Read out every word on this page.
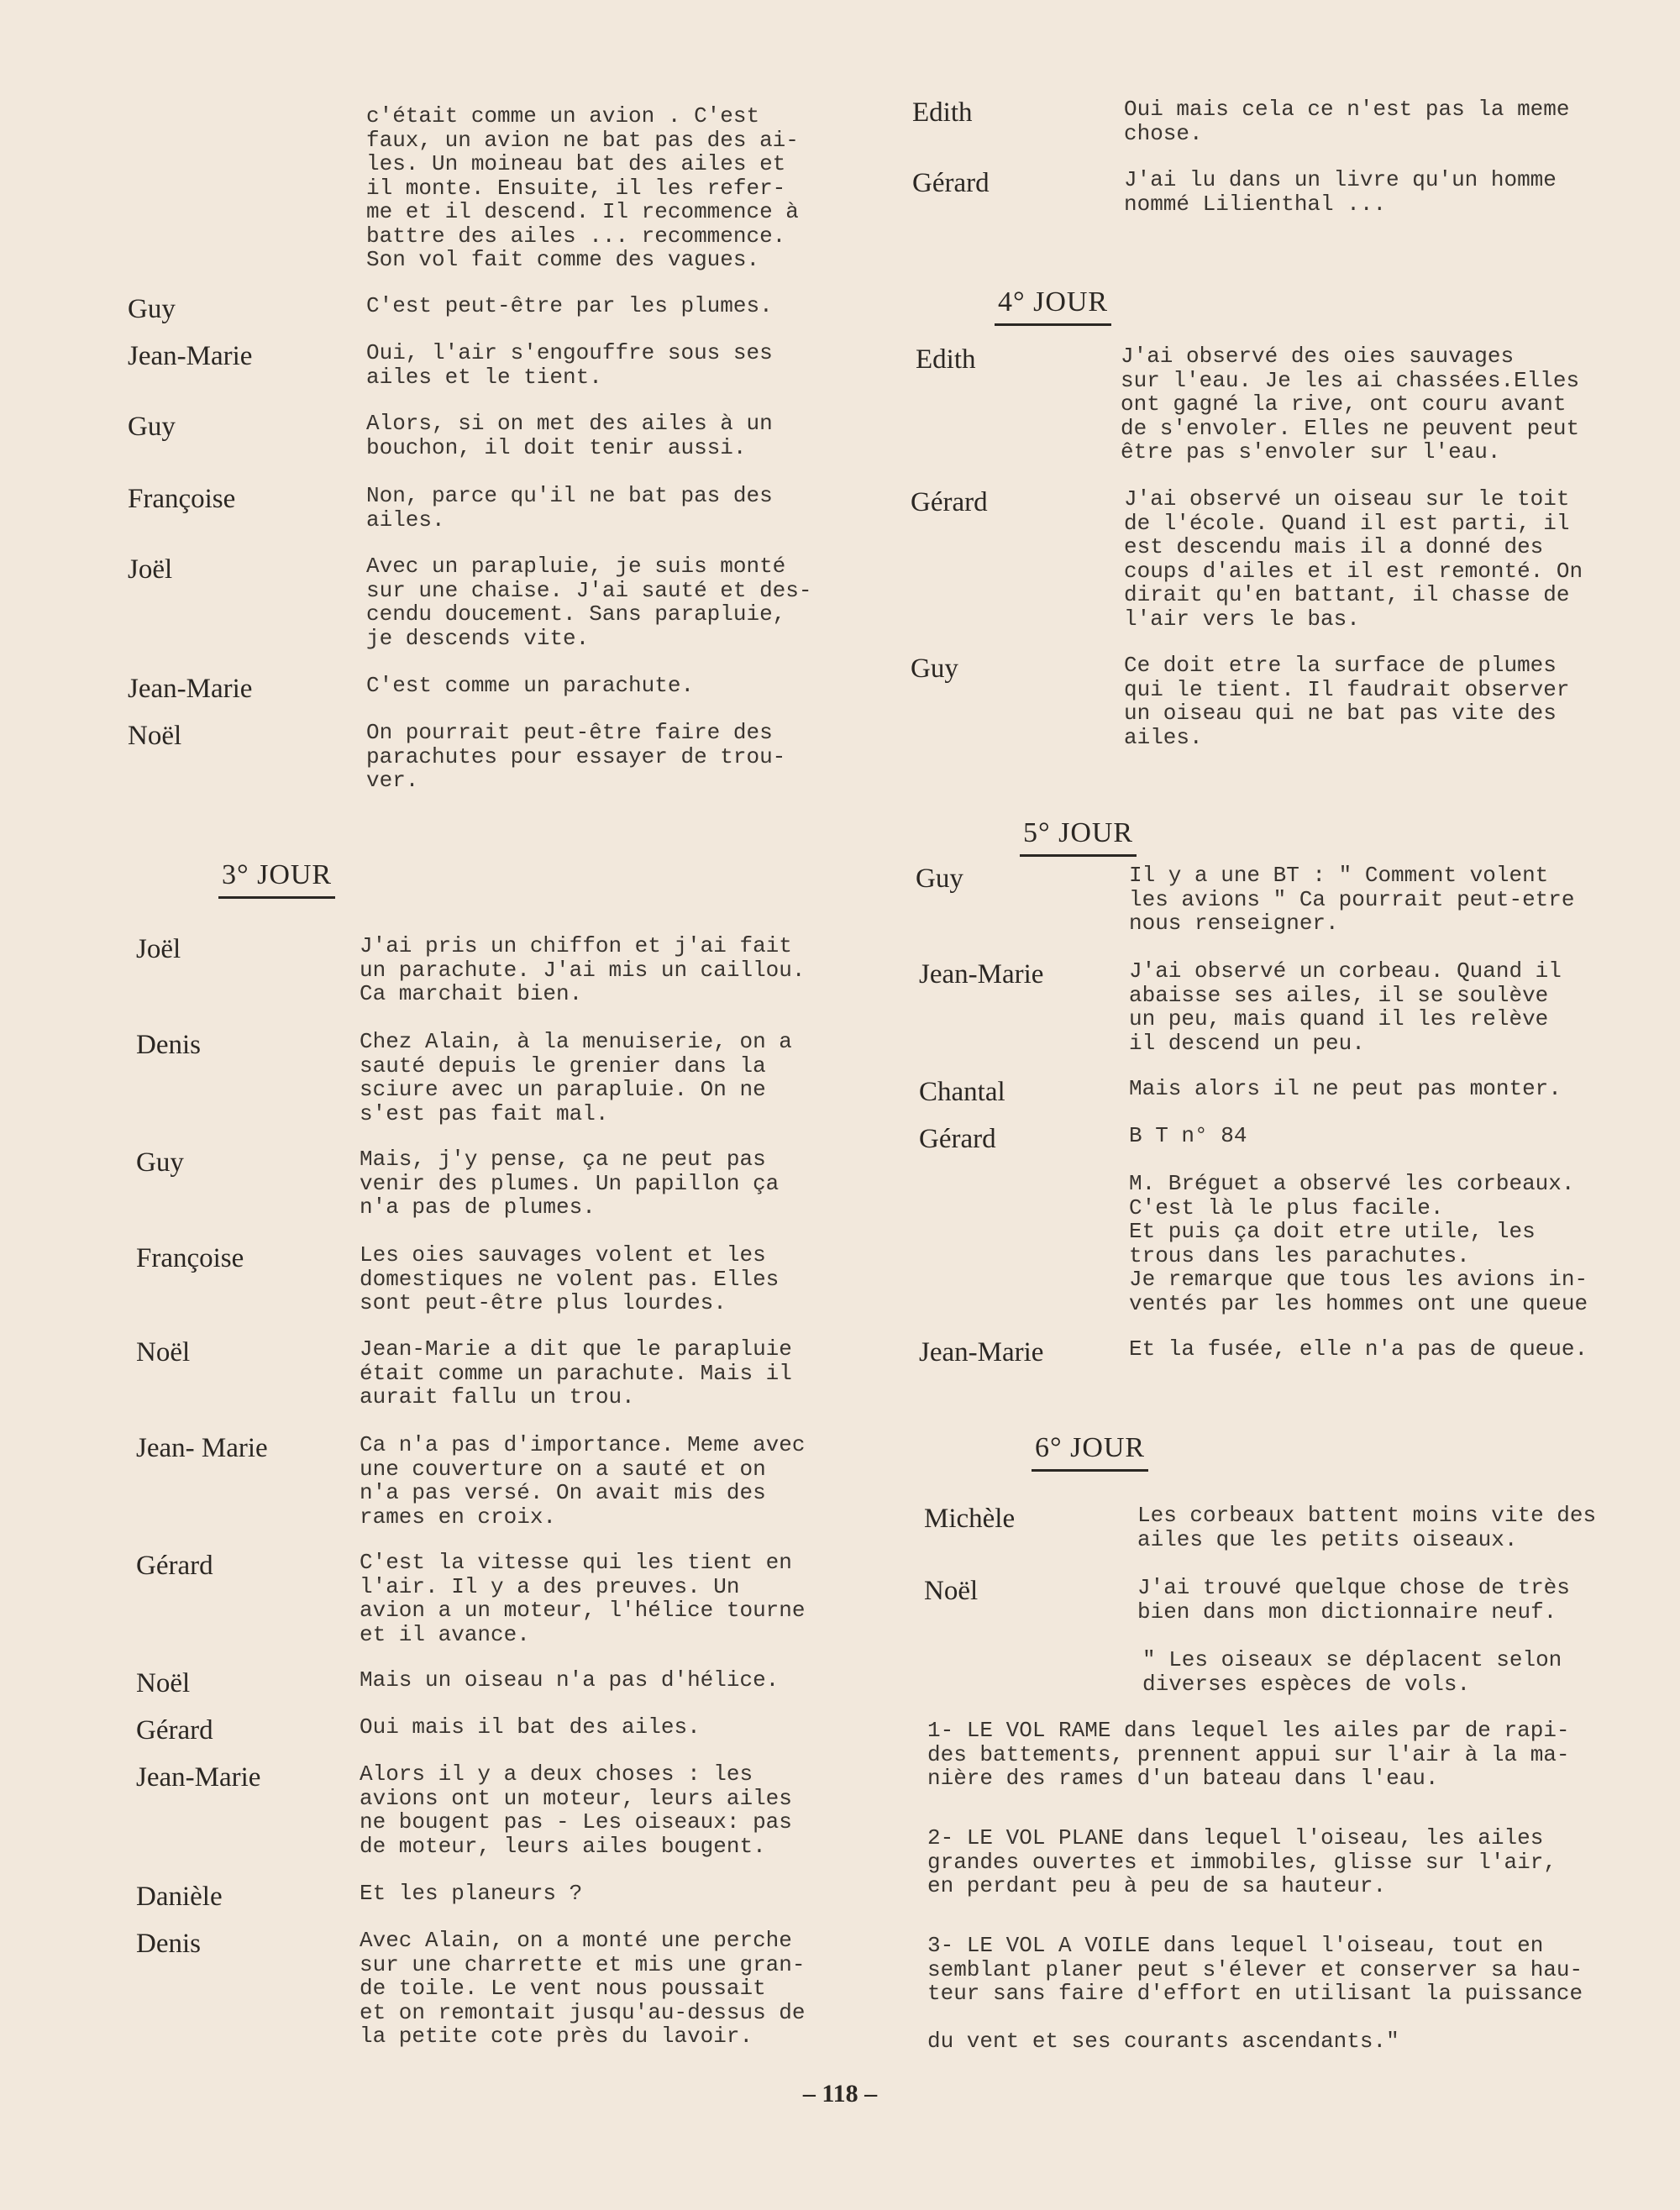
c'était comme un avion . C'est
faux, un avion ne bat pas des ai-
les. Un moineau bat des ailes et
il monte. Ensuite, il les refer-
me et il descend. Il recommence à
battre des ailes ... recommence.
Son vol fait comme des vagues.
Guy	C'est peut-être par les plumes.
Jean-Marie	Oui, l'air s'engouffre sous ses
ailes et le tient.
Guy	Alors, si on met des ailes à un
bouchon, il doit tenir aussi.
Françoise	Non, parce qu'il ne bat pas des
ailes.
Joël	Avec un parapluie, je suis monté
sur une chaise. J'ai sauté et des-
cendu doucement. Sans parapluie,
je descends vite.
Jean-Marie	C'est comme un parachute.
Noël	On pourrait peut-être faire des
parachutes pour essayer de trou-
ver.
3° JOUR
Joël	J'ai pris un chiffon et j'ai fait
un parachute. J'ai mis un caillou.
Ca marchait bien.
Denis	Chez Alain, à la menuiserie, on a
sauté depuis le grenier dans la
sciure avec un parapluie. On ne
s'est pas fait mal.
Guy	Mais, j'y pense, ça ne peut pas
venir des plumes. Un papillon ça
n'a pas de plumes.
Françoise	Les oies sauvages volent et les
domestiques ne volent pas. Elles
sont peut-être plus lourdes.
Noël	Jean-Marie a dit que le parapluie
était comme un parachute. Mais il
aurait fallu un trou.
Jean- Marie	Ca n'a pas d'importance. Meme avec
une couverture on a sauté et on
n'a pas versé. On avait mis des
rames en croix.
Gérard	C'est la vitesse qui les tient en
l'air. Il y a des preuves. Un
avion a un moteur, l'hélice tourne
et il avance.
Noël	Mais un oiseau n'a pas d'hélice.
Gérard	Oui mais il bat des ailes.
Jean-Marie	Alors il y a deux choses : les
avions ont un moteur, leurs ailes
ne bougent pas - Les oiseaux: pas
de moteur, leurs ailes bougent.
Danièle	Et les planeurs ?
Denis	Avec Alain, on a monté une perche
sur une charrette et mis une gran-
de toile. Le vent nous poussait
et on remontait jusqu'au-dessus de
la petite cote près du lavoir.
Edith	Oui mais cela ce n'est pas la meme
chose.
Gérard	J'ai lu dans un livre qu'un homme
nommé Lilienthal ...
4° JOUR
Edith	J'ai observé des oies sauvages
sur l'eau. Je les ai chassées.Elles
ont gagné la rive, ont couru avant
de s'envoler. Elles ne peuvent peut
être pas s'envoler sur l'eau.
Gérard	J'ai observé un oiseau sur le toit
de l'école. Quand il est parti, il
est descendu mais il a donné des
coups d'ailes et il est remonté. On
dirait qu'en battant, il chasse de
l'air vers le bas.
Guy	Ce doit etre la surface de plumes
qui le tient. Il faudrait observer
un oiseau qui ne bat pas vite des
ailes.
5° JOUR
Guy	Il y a une BT : " Comment volent
les avions " Ca pourrait peut-etre
nous renseigner.
Jean-Marie	J'ai observé un corbeau. Quand il
abaisse ses ailes, il se soulève
un peu, mais quand il les relève
il descend un peu.
Chantal	Mais alors il ne peut pas monter.
Gérard	B T n° 84

M. Bréguet a observé les corbeaux.
C'est là le plus facile.
Et puis ça doit etre utile, les
trous dans les parachutes.
Je remarque que tous les avions in-
ventés par les hommes ont une queue
Jean-Marie	Et la fusée, elle n'a pas de queue.
6° JOUR
Michèle	Les corbeaux battent moins vite des
ailes que les petits oiseaux.
Noël	J'ai trouvé quelque chose de très
bien dans mon dictionnaire neuf.
" Les oiseaux se déplacent selon
diverses espèces de vols.
1- LE VOL RAME dans lequel les ailes par de rapi-
des battements, prennent appui sur l'air à la ma-
nière des rames d'un bateau dans l'eau.
2- LE VOL PLANE dans lequel l'oiseau, les ailes
grandes ouvertes et immobiles, glisse sur l'air,
en perdant peu à peu de sa hauteur.
3- LE VOL A VOILE dans lequel l'oiseau, tout en
semblant planer peut s'élever et conserver sa hau-
teur sans faire d'effort en utilisant la puissance

du vent et ses courants ascendants."
– 118 –
